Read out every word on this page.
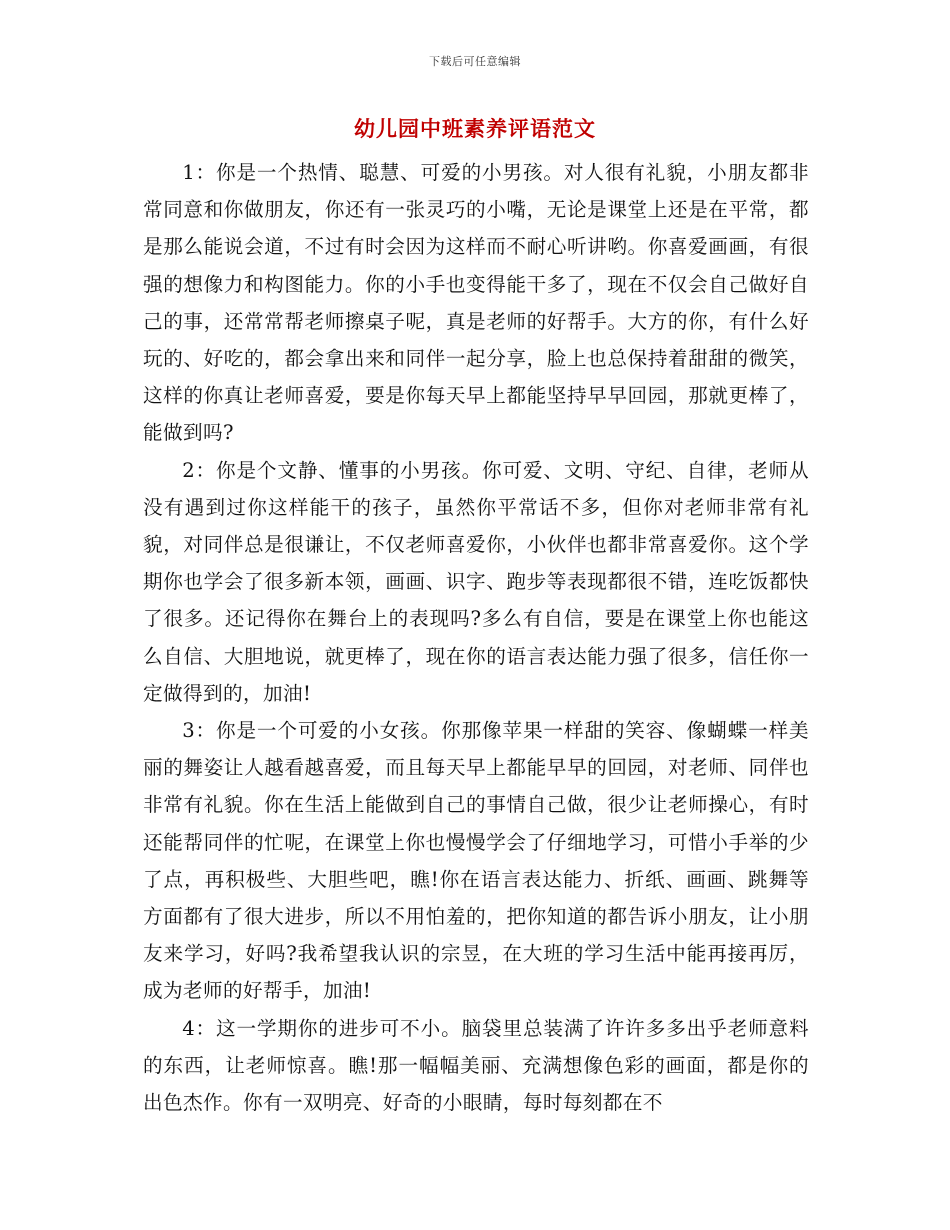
下载后可任意编辑
幼儿园中班素养评语范文

1：你是一个热情、聪慧、可爱的小男孩。对人很有礼貌，小朋友都非常同意和你做朋友，你还有一张灵巧的小嘴，无论是课堂上还是在平常，都是那么能说会道，不过有时会因为这样而不耐心听讲哟。你喜爱画画，有很强的想像力和构图能力。你的小手也变得能干多了，现在不仅会自己做好自己的事，还常常帮老师擦桌子呢，真是老师的好帮手。大方的你，有什么好玩的、好吃的，都会拿出来和同伴一起分享，脸上也总保持着甜甜的微笑，这样的你真让老师喜爱，要是你每天早上都能坚持早早回园，那就更棒了，能做到吗?

2：你是个文静、懂事的小男孩。你可爱、文明、守纪、自律，老师从没有遇到过你这样能干的孩子，虽然你平常话不多，但你对老师非常有礼貌，对同伴总是很谦让，不仅老师喜爱你，小伙伴也都非常喜爱你。这个学期你也学会了很多新本领，画画、识字、跑步等表现都很不错，连吃饭都快了很多。还记得你在舞台上的表现吗?多么有自信，要是在课堂上你也能这么自信、大胆地说，就更棒了，现在你的语言表达能力强了很多，信任你一定做得到的，加油!

3：你是一个可爱的小女孩。你那像苹果一样甜的笑容、像蝴蝶一样美丽的舞姿让人越看越喜爱，而且每天早上都能早早的回园，对老师、同伴也非常有礼貌。你在生活上能做到自己的事情自己做，很少让老师操心，有时还能帮同伴的忙呢，在课堂上你也慢慢学会了仔细地学习，可惜小手举的少了点，再积极些、大胆些吧，瞧!你在语言表达能力、折纸、画画、跳舞等方面都有了很大进步，所以不用怕羞的，把你知道的都告诉小朋友，让小朋友来学习，好吗?我希望我认识的宗昱，在大班的学习生活中能再接再厉，成为老师的好帮手，加油!

4：这一学期你的进步可不小。脑袋里总装满了许许多多出乎老师意料的东西，让老师惊喜。瞧!那一幅幅美丽、充满想像色彩的画面，都是你的出色杰作。你有一双明亮、好奇的小眼睛，每时每刻都在不
